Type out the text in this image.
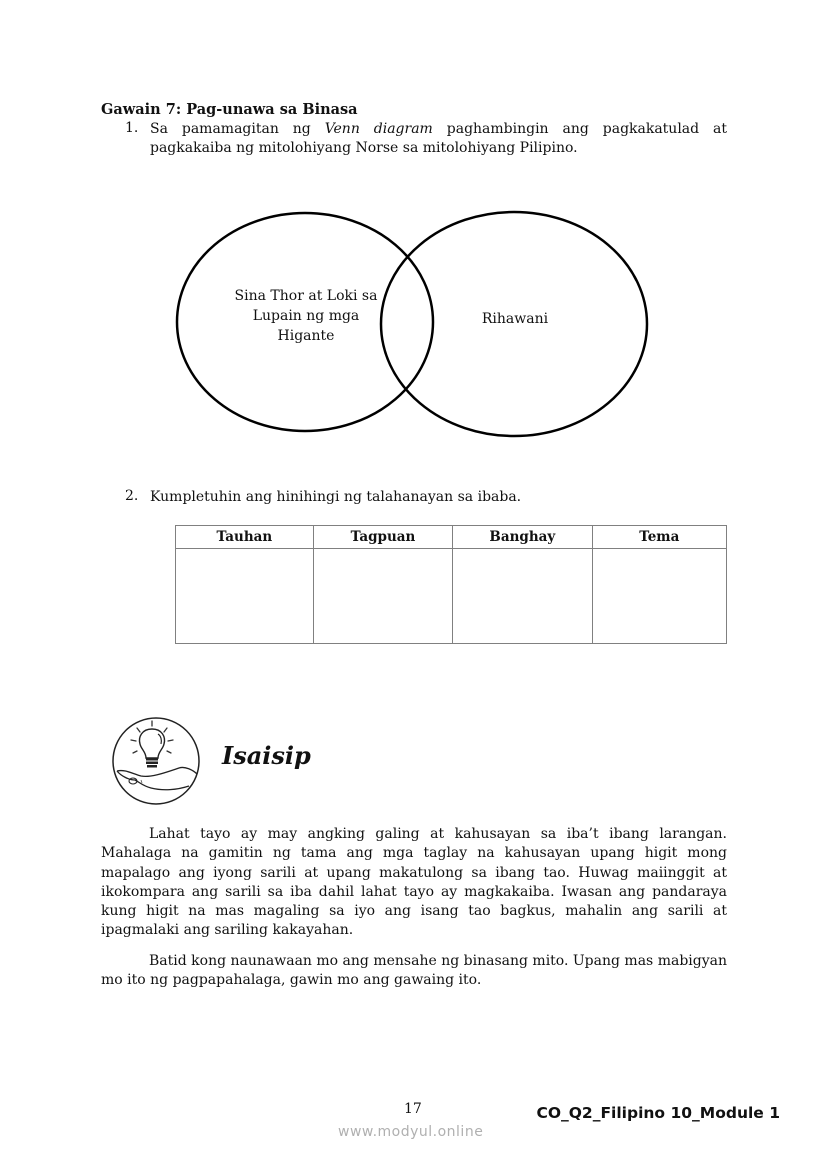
Gawain 7: Pag-unawa sa Binasa
1. Sa pamamagitan ng Venn diagram paghambingin ang pagkakatulad at
pagkakaiba ng mitolohiyang Norse sa mitolohiyang Pilipino.
Sina Thor at Loki sa
Lupain ng mga
Higante
Rihawani
2. Kumpletuhin ang hinihingi ng talahanayan sa ibaba.
Tauhan	Tagpuan	Banghay	Tema

Isaisip
Lahat tayo ay may angking galing at kahusayan sa iba’t ibang larangan. Mahalaga na gamitin ng tama ang mga taglay na kahusayan upang higit mong mapalago ang iyong sarili at upang makatulong sa ibang tao. Huwag maiinggit at ikokompara ang sarili sa iba dahil lahat tayo ay magkakaiba. Iwasan ang pandaraya kung higit na mas magaling sa iyo ang isang tao bagkus, mahalin ang sarili at ipagmalaki ang sariling kakayahan.
Batid kong naunawaan mo ang mensahe ng binasang mito. Upang mas mabigyan mo ito ng pagpapahalaga, gawin mo ang gawaing ito.
17	CO_Q2_Filipino 10_Module 1
www.modyul.online
